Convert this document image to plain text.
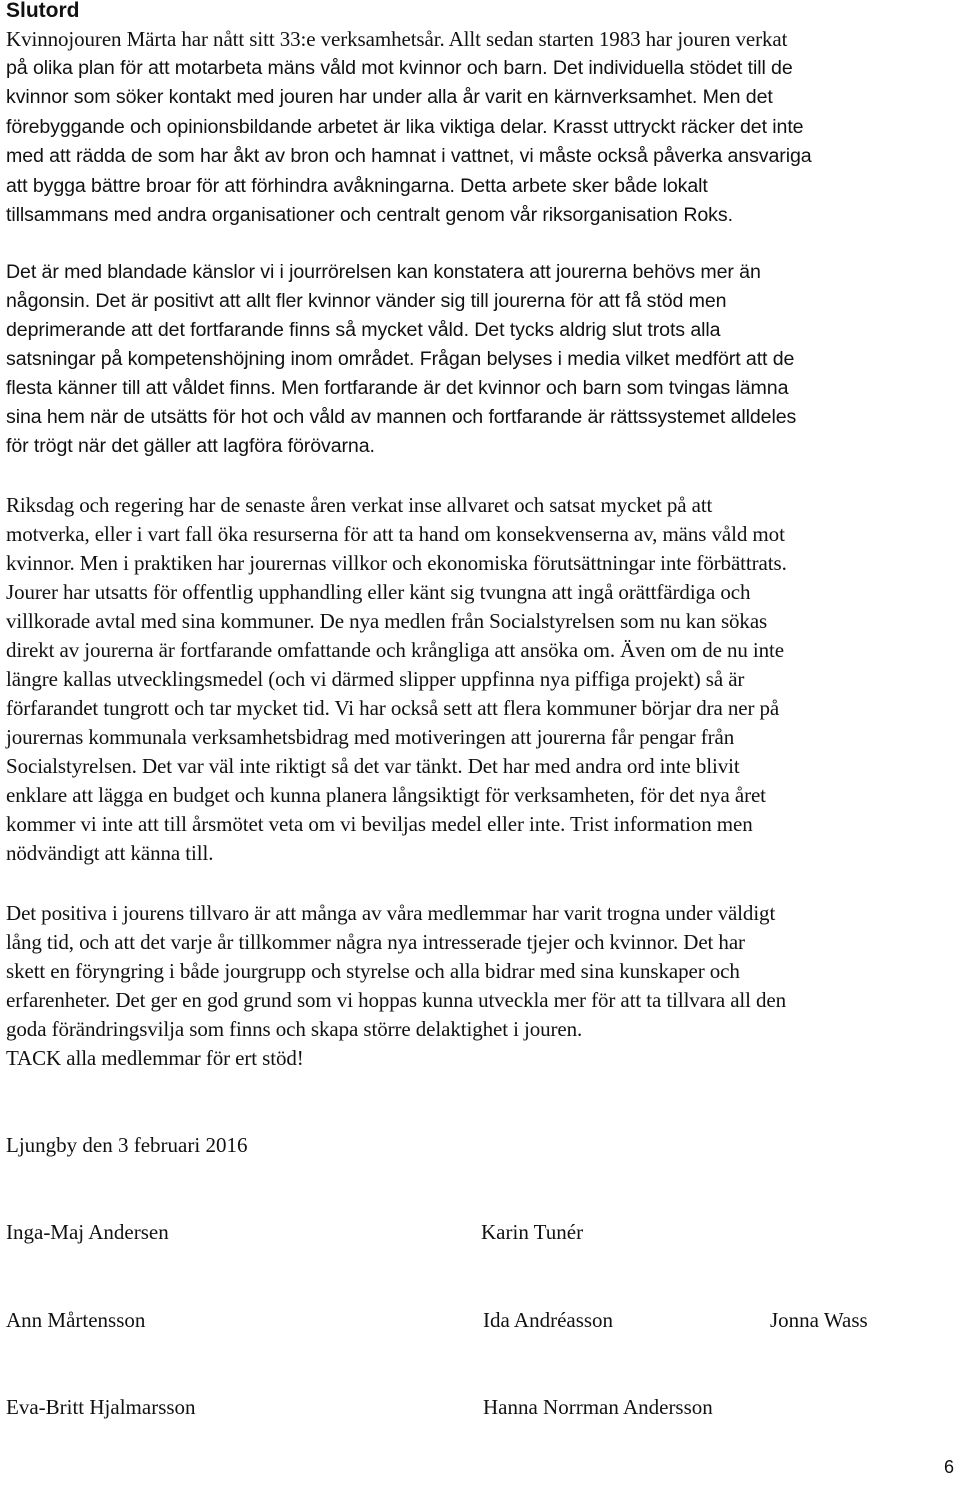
Slutord

Kvinnojouren Märta har nått sitt 33:e verksamhetsår. Allt sedan starten 1983 har jouren verkat
på olika plan för att motarbeta mäns våld mot kvinnor och barn. Det individuella stödet till de
kvinnor som söker kontakt med jouren har under alla år varit en kärnverksamhet. Men det
förebyggande och opinionsbildande arbetet är lika viktiga delar. Krasst uttryckt räcker det inte
med att rädda de som har åkt av bron och hamnat i vattnet, vi måste också påverka ansvariga
att bygga bättre broar för att förhindra avåkningarna. Detta arbete sker både lokalt
tillsammans med andra organisationer och centralt genom vår riksorganisation Roks.

Det är med blandade känslor vi i jourrörelsen kan konstatera att jourerna behövs mer än
någonsin. Det är positivt att allt fler kvinnor vänder sig till jourerna för att få stöd men
deprimerande att det fortfarande finns så mycket våld. Det tycks aldrig slut trots alla
satsningar på kompetenshöjning inom området. Frågan belyses i media vilket medfört att de
flesta känner till att våldet finns. Men fortfarande är det kvinnor och barn som tvingas lämna
sina hem när de utsätts för hot och våld av mannen och fortfarande är rättssystemet alldeles
för trögt när det gäller att lagföra förövarna.

Riksdag och regering har de senaste åren verkat inse allvaret och satsat mycket på att
motverka, eller i vart fall öka resurserna för att ta hand om konsekvenserna av, mäns våld mot
kvinnor. Men i praktiken har jourernas villkor och ekonomiska förutsättningar inte förbättrats.
Jourer har utsatts för offentlig upphandling eller känt sig tvungna att ingå orättfärdiga och
villkorade avtal med sina kommuner. De nya medlen från Socialstyrelsen som nu kan sökas
direkt av jourerna är fortfarande omfattande och krångliga att ansöka om. Även om de nu inte
längre kallas utvecklingsmedel (och vi därmed slipper uppfinna nya piffiga projekt) så är
förfarandet tungrott och tar mycket tid. Vi har också sett att flera kommuner börjar dra ner på
jourernas kommunala verksamhetsbidrag med motiveringen att jourerna får pengar från
Socialstyrelsen. Det var väl inte riktigt så det var tänkt. Det har med andra ord inte blivit
enklare att lägga en budget och kunna planera långsiktigt för verksamheten, för det nya året
kommer vi inte att till årsmötet veta om vi beviljas medel eller inte. Trist information men
nödvändigt att känna till.

Det positiva i jourens tillvaro är att många av våra medlemmar har varit trogna under väldigt
lång tid, och att det varje år tillkommer några nya intresserade tjejer och kvinnor. Det har
skett en föryngring i både jourgrupp och styrelse och alla bidrar med sina kunskaper och
erfarenheter. Det ger en god grund som vi hoppas kunna utveckla mer för att ta tillvara all den
goda förändringsvilja som finns och skapa större delaktighet i jouren.
TACK alla medlemmar för ert stöd!

Ljungby den 3 februari 2016

Inga-Maj Andersen	Karin Tunér

Ann Mårtensson	Ida Andréasson	Jonna Wass

Eva-Britt Hjalmarsson	Hanna Norrman Andersson

6
